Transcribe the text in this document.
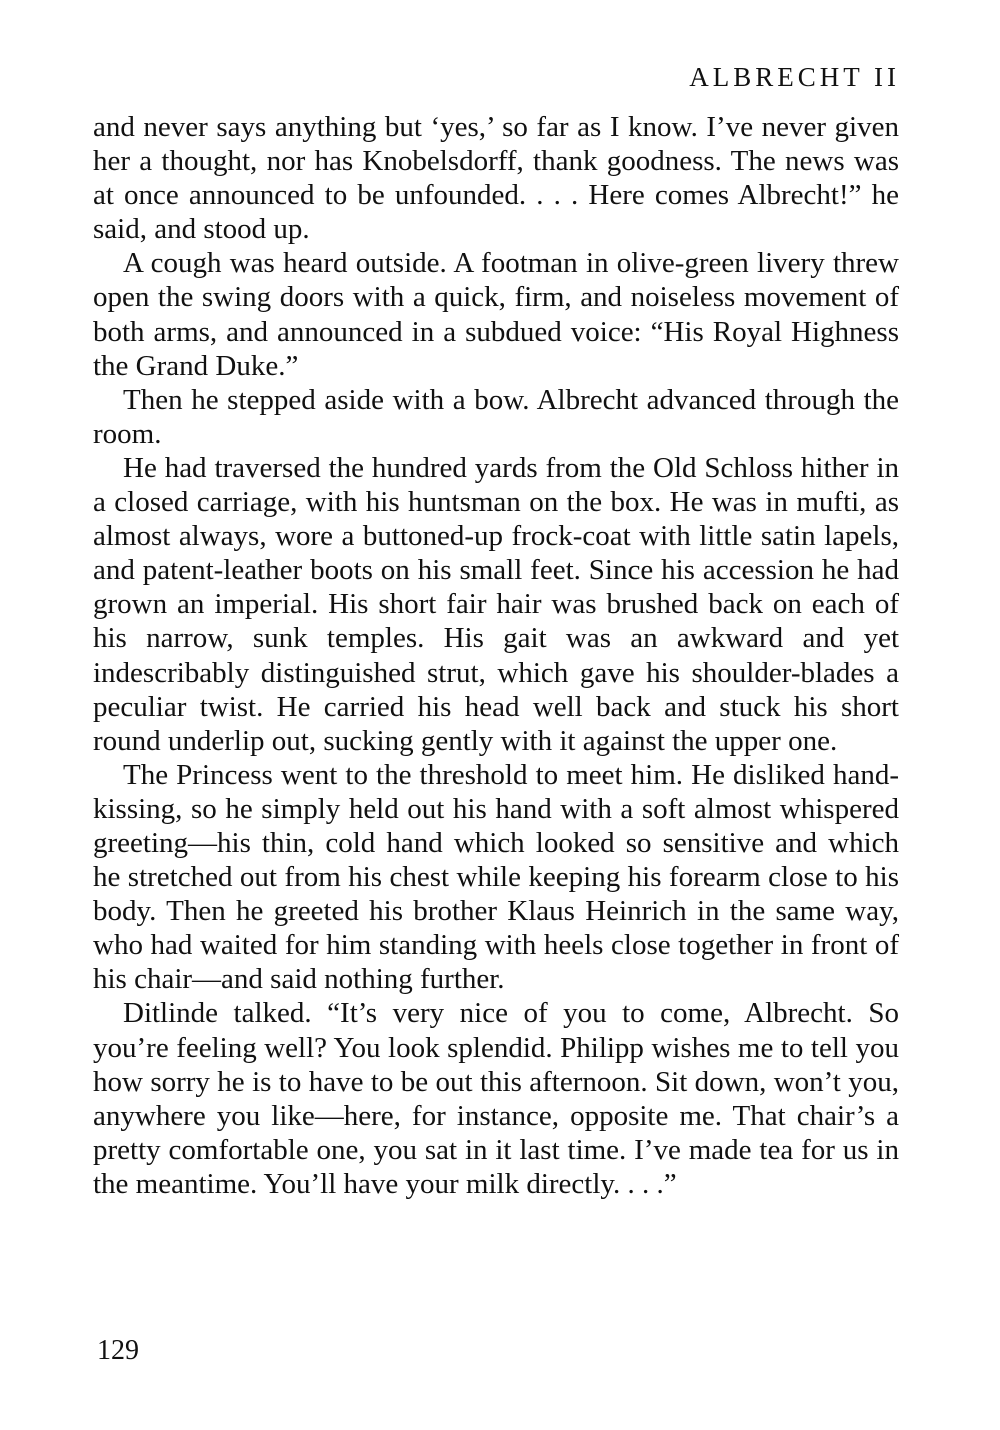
ALBRECHT II

and never says anything but ‘yes,’ so far as I know. I’ve never given her a thought, nor has Knobelsdorff, thank goodness. The news was at once announced to be unfounded. . . . Here comes Albrecht!” he said, and stood up.

A cough was heard outside. A footman in olive-green livery threw open the swing doors with a quick, firm, and noiseless movement of both arms, and announced in a subdued voice: “His Royal Highness the Grand Duke.”

Then he stepped aside with a bow. Albrecht advanced through the room.

He had traversed the hundred yards from the Old Schloss hither in a closed carriage, with his huntsman on the box. He was in mufti, as almost always, wore a buttoned-up frock-coat with little satin lapels, and patent-leather boots on his small feet. Since his accession he had grown an imperial. His short fair hair was brushed back on each of his narrow, sunk temples. His gait was an awkward and yet indescribably distinguished strut, which gave his shoulder-blades a peculiar twist. He carried his head well back and stuck his short round underlip out, sucking gently with it against the upper one.

The Princess went to the threshold to meet him. He disliked hand-kissing, so he simply held out his hand with a soft almost whispered greeting—his thin, cold hand which looked so sensitive and which he stretched out from his chest while keeping his forearm close to his body. Then he greeted his brother Klaus Heinrich in the same way, who had waited for him standing with heels close together in front of his chair—and said nothing further.

Ditlinde talked. “It’s very nice of you to come, Albrecht. So you’re feeling well? You look splendid. Philipp wishes me to tell you how sorry he is to have to be out this afternoon. Sit down, won’t you, anywhere you like—here, for instance, opposite me. That chair’s a pretty comfortable one, you sat in it last time. I’ve made tea for us in the meantime. You’ll have your milk directly. . . .”

129
